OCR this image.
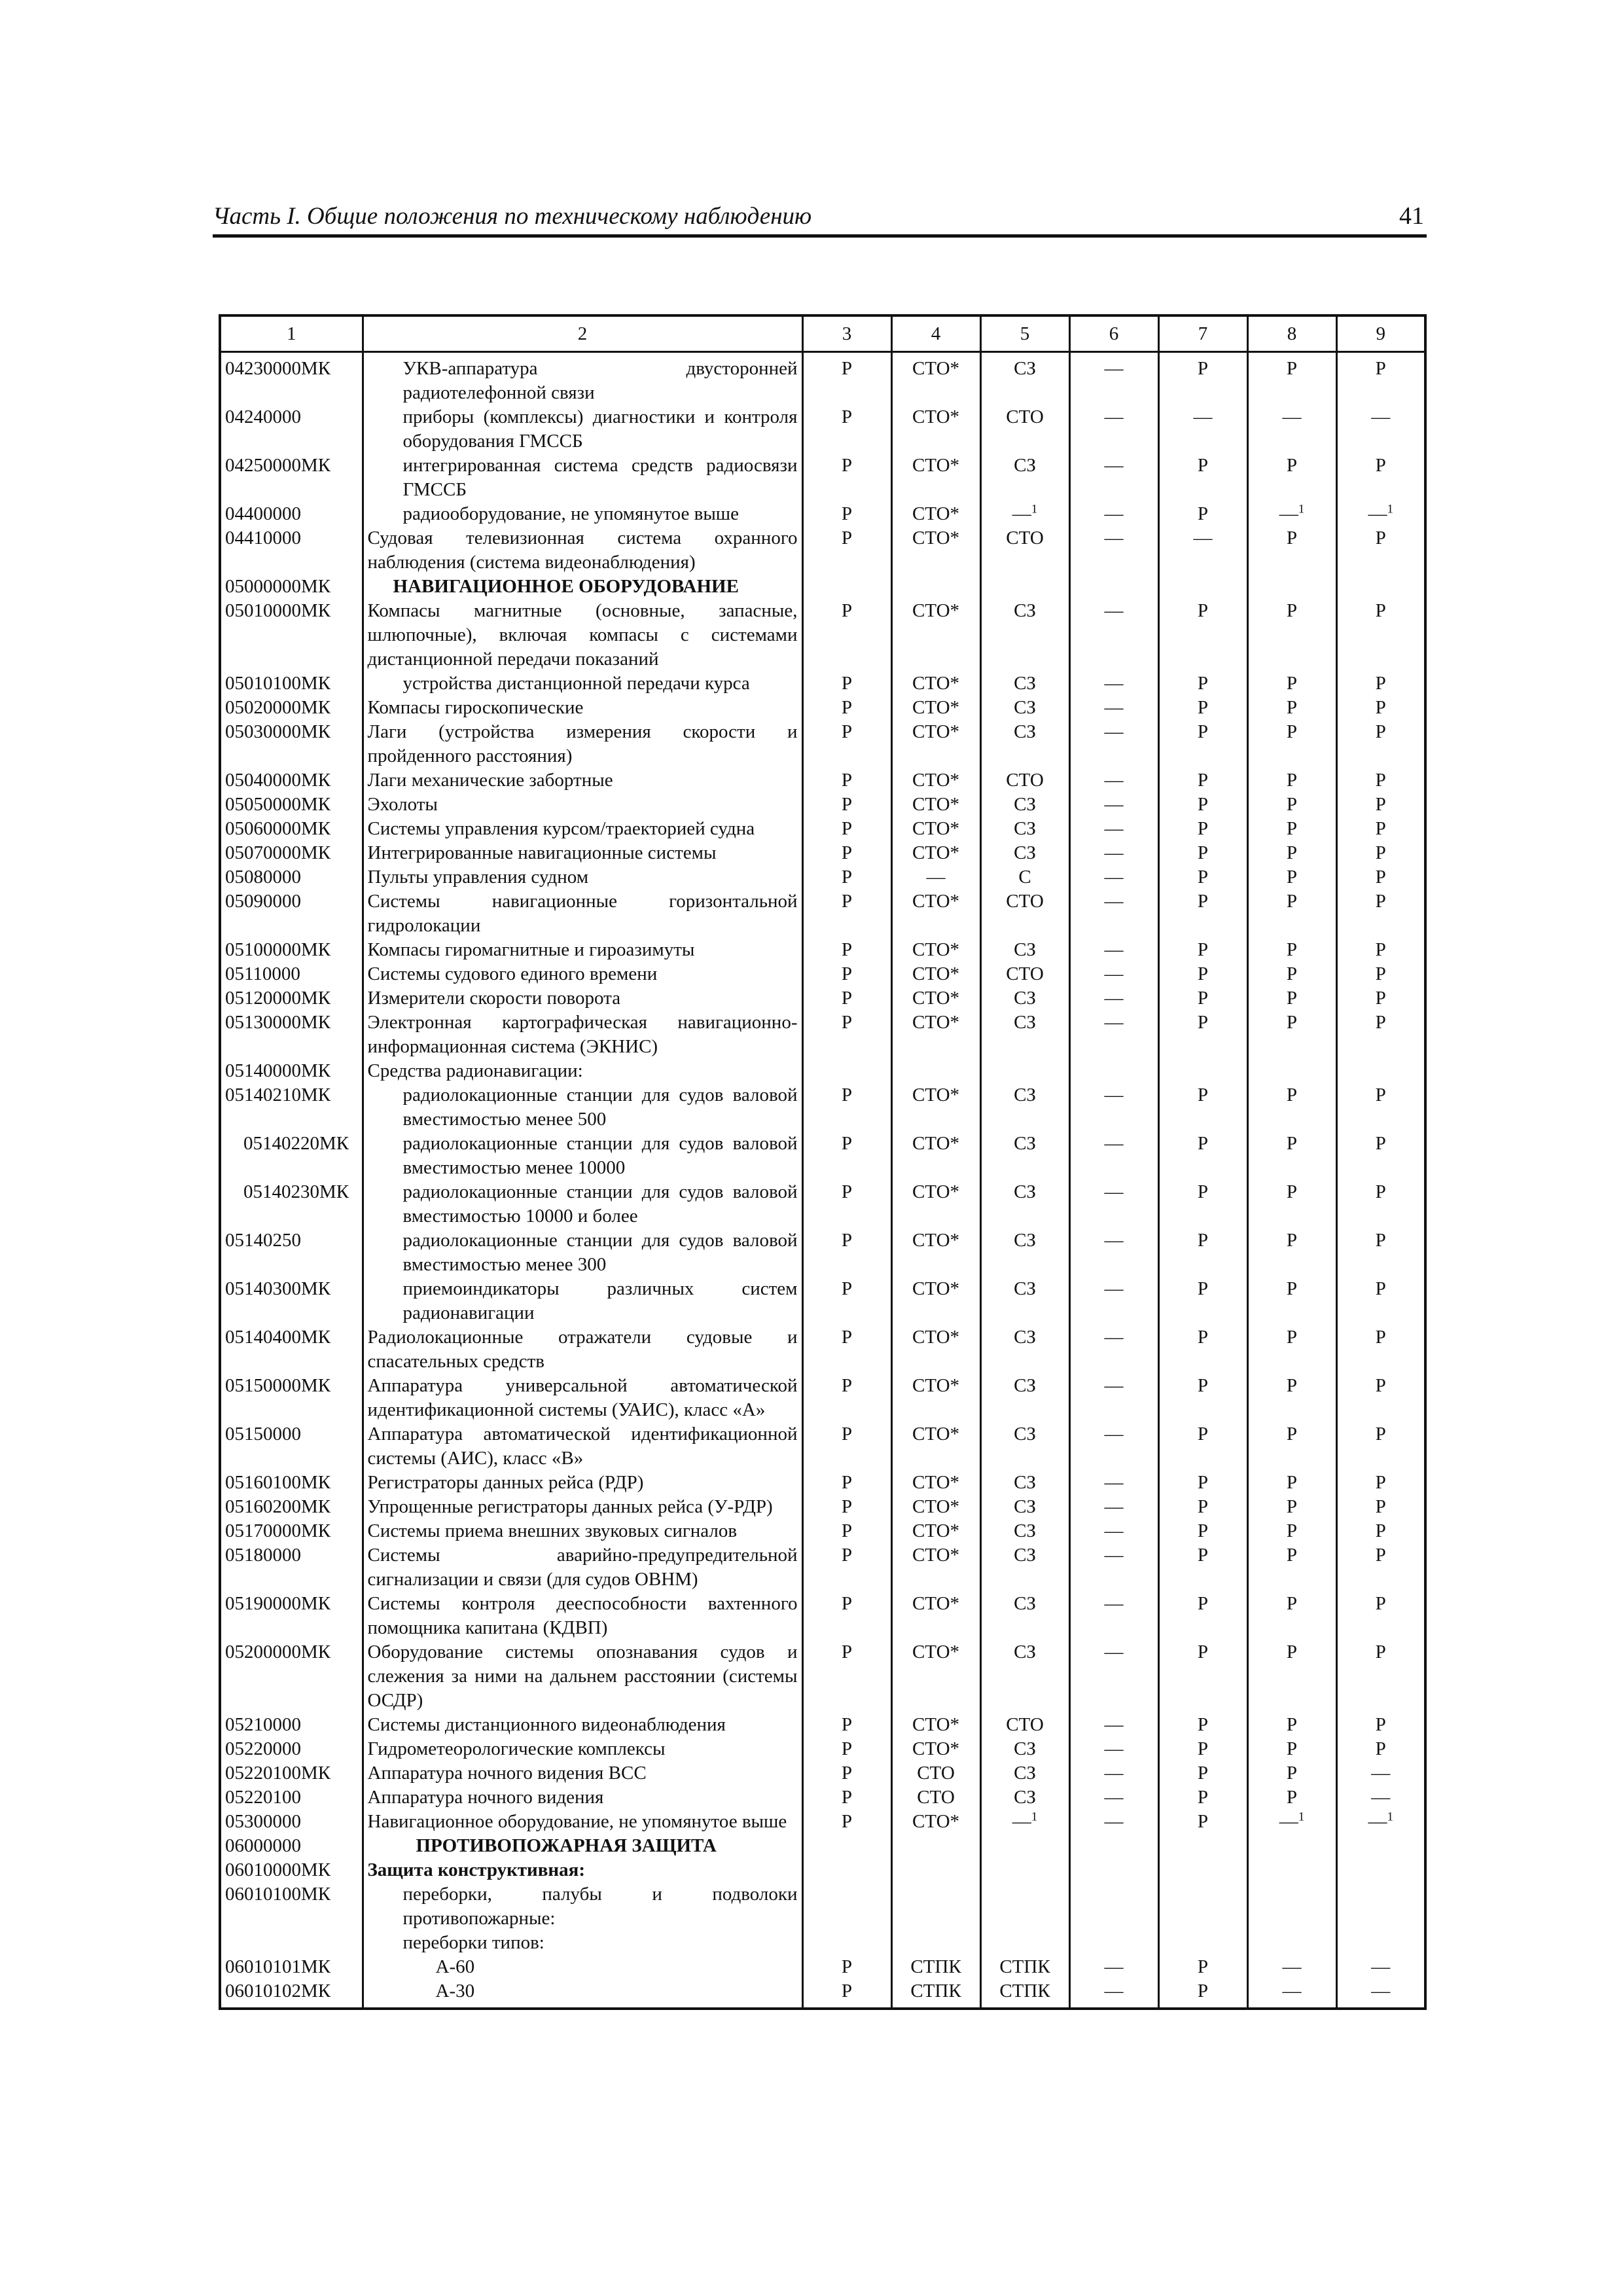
Часть I. Общие положения по техническому наблюдению	41
1	2	3	4	5	6	7	8	9
04230000МК	УКВ-аппаратура двусторонней радиотелефонной связи	Р	СТО*	СЗ	—	Р	Р	Р
04240000	приборы (комплексы) диагностики и контроля оборудования ГМССБ	Р	СТО*	СТО	—	—	—	—
04250000МК	интегрированная система средств радиосвязи ГМССБ	Р	СТО*	СЗ	—	Р	Р	Р
04400000	радиооборудование, не упомянутое выше	Р	СТО*	—$^1$	—	Р	—$^1$	—$^1$
04410000	Судовая телевизионная система охранного наблюдения (система видеонаблюдения)	Р	СТО*	СТО	—	—	Р	Р
05000000МК	НАВИГАЦИОННОЕ ОБОРУДОВАНИЕ							
05010000МК	Компасы магнитные (основные, запасные, шлюпочные), включая компасы с системами дистанционной передачи показаний	Р	СТО*	СЗ	—	Р	Р	Р
05010100МК	устройства дистанционной передачи курса	Р	СТО*	СЗ	—	Р	Р	Р
05020000МК	Компасы гироскопические	Р	СТО*	СЗ	—	Р	Р	Р
05030000МК	Лаги (устройства измерения скорости и пройденного расстояния)	Р	СТО*	СЗ	—	Р	Р	Р
05040000МК	Лаги механические забортные	Р	СТО*	СТО	—	Р	Р	Р
05050000МК	Эхолоты	Р	СТО*	СЗ	—	Р	Р	Р
05060000МК	Системы управления курсом/траекторией судна	Р	СТО*	СЗ	—	Р	Р	Р
05070000МК	Интегрированные навигационные системы	Р	СТО*	СЗ	—	Р	Р	Р
05080000	Пульты управления судном	Р	—	С	—	Р	Р	Р
05090000	Системы навигационные горизонтальной гидролокации	Р	СТО*	СТО	—	Р	Р	Р
05100000МК	Компасы гиромагнитные и гироазимуты	Р	СТО*	СЗ	—	Р	Р	Р
05110000	Системы судового единого времени	Р	СТО*	СТО	—	Р	Р	Р
05120000МК	Измерители скорости поворота	Р	СТО*	СЗ	—	Р	Р	Р
05130000МК	Электронная картографическая навигационно-информационная система (ЭКНИС)	Р	СТО*	СЗ	—	Р	Р	Р
05140000МК	Средства радионавигации:							
05140210МК	радиолокационные станции для судов валовой вместимостью менее 500	Р	СТО*	СЗ	—	Р	Р	Р
05140220МК	радиолокационные станции для судов валовой вместимостью менее 10000	Р	СТО*	СЗ	—	Р	Р	Р
05140230МК	радиолокационные станции для судов валовой вместимостью 10000 и более	Р	СТО*	СЗ	—	Р	Р	Р
05140250	радиолокационные станции для судов валовой вместимостью менее 300	Р	СТО*	СЗ	—	Р	Р	Р
05140300МК	приемоиндикаторы различных систем радионавигации	Р	СТО*	СЗ	—	Р	Р	Р
05140400МК	Радиолокационные отражатели судовые и спасательных средств	Р	СТО*	СЗ	—	Р	Р	Р
05150000МК	Аппаратура универсальной автоматической идентификационной системы (УАИС), класс «А»	Р	СТО*	СЗ	—	Р	Р	Р
05150000	Аппаратура автоматической идентификационной системы (АИС), класс «В»	Р	СТО*	СЗ	—	Р	Р	Р
05160100МК	Регистраторы данных рейса (РДР)	Р	СТО*	СЗ	—	Р	Р	Р
05160200МК	Упрощенные регистраторы данных рейса (У-РДР)	Р	СТО*	СЗ	—	Р	Р	Р
05170000МК	Системы приема внешних звуковых сигналов	Р	СТО*	СЗ	—	Р	Р	Р
05180000	Системы аварийно-предупредительной сигнализации и связи (для судов ОВНМ)	Р	СТО*	СЗ	—	Р	Р	Р
05190000МК	Системы контроля дееспособности вахтенного помощника капитана (КДВП)	Р	СТО*	СЗ	—	Р	Р	Р
05200000МК	Оборудование системы опознавания судов и слежения за ними на дальнем расстоянии (системы ОСДР)	Р	СТО*	СЗ	—	Р	Р	Р
05210000	Системы дистанционного видеонаблюдения	Р	СТО*	СТО	—	Р	Р	Р
05220000	Гидрометеорологические комплексы	Р	СТО*	СЗ	—	Р	Р	Р
05220100МК	Аппаратура ночного видения ВСС	Р	СТО	СЗ	—	Р	Р	—
05220100	Аппаратура ночного видения	Р	СТО	СЗ	—	Р	Р	—
05300000	Навигационное оборудование, не упомянутое выше	Р	СТО*	—$^1$	—	Р	—$^1$	—$^1$
06000000	ПРОТИВОПОЖАРНАЯ ЗАЩИТА							
06010000МК	Защита конструктивная:							
06010100МК	переборки, палубы и подволоки противопожарные:							
	переборки типов:							
06010101МК	А-60	Р	СТПК	СТПК	—	Р	—	—
06010102МК	А-30	Р	СТПК	СТПК	—	Р	—	—
